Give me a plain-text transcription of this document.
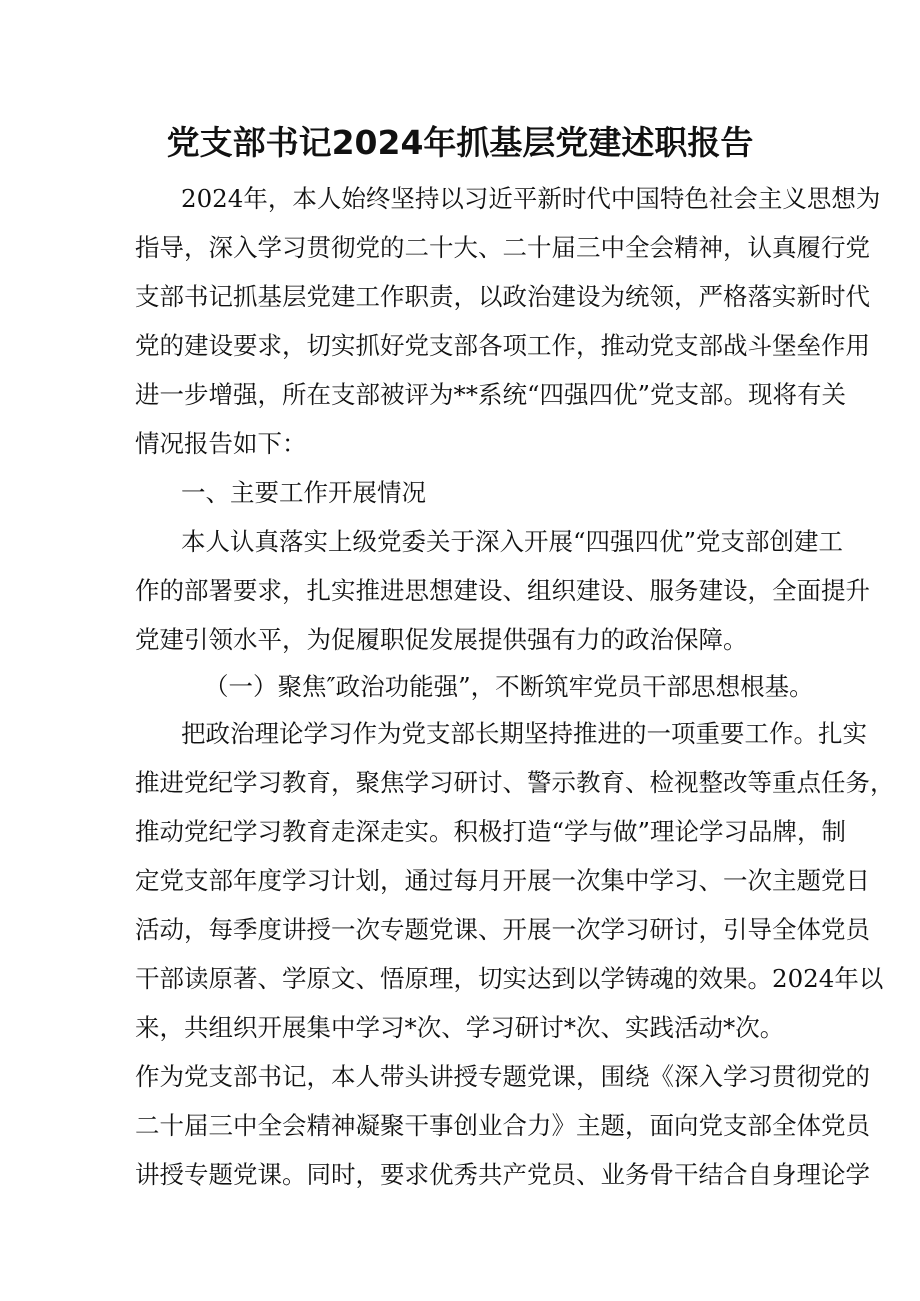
党支部书记2024年抓基层党建述职报告
2024年，本人始终坚持以习近平新时代中国特色社会主义思想为
指导，深入学习贯彻党的二十大、二十届三中全会精神，认真履行党
支部书记抓基层党建工作职责，以政治建设为统领，严格落实新时代
党的建设要求，切实抓好党支部各项工作，推动党支部战斗堡垒作用
进一步增强，所在支部被评为**系统“四强四优”党支部。现将有关
情况报告如下：
一、主要工作开展情况
本人认真落实上级党委关于深入开展“四强四优”党支部创建工
作的部署要求，扎实推进思想建设、组织建设、服务建设，全面提升
党建引领水平，为促履职促发展提供强有力的政治保障。
（一）聚焦″政治功能强”，不断筑牢党员干部思想根基。
把政治理论学习作为党支部长期坚持推进的一项重要工作。扎实
推进党纪学习教育，聚焦学习研讨、警示教育、检视整改等重点任务，
推动党纪学习教育走深走实。积极打造“学与做”理论学习品牌，制
定党支部年度学习计划，通过每月开展一次集中学习、一次主题党日
活动，每季度讲授一次专题党课、开展一次学习研讨，引导全体党员
干部读原著、学原文、悟原理，切实达到以学铸魂的效果。2024年以
来，共组织开展集中学习*次、学习研讨*次、实践活动*次。
作为党支部书记，本人带头讲授专题党课，围绕《深入学习贯彻党的
二十届三中全会精神凝聚干事创业合力》主题，面向党支部全体党员
讲授专题党课。同时，要求优秀共产党员、业务骨干结合自身理论学
